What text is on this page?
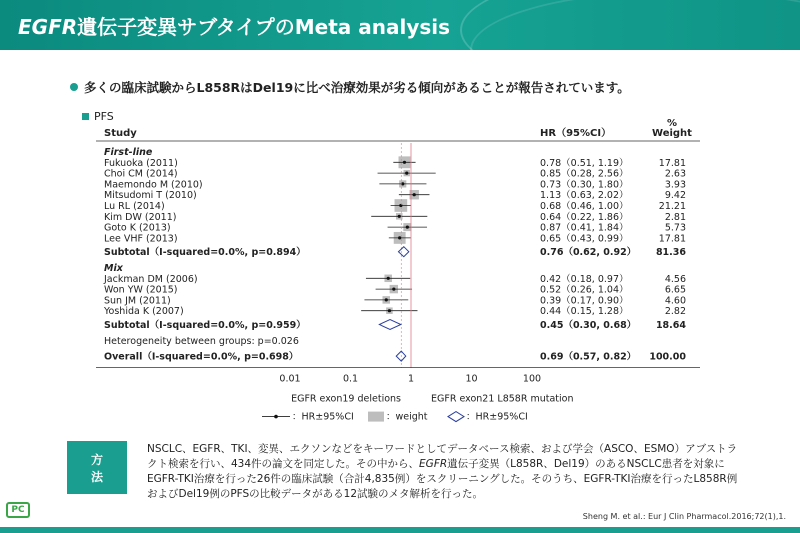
EGFR遺伝子変異サブタイプのMeta analysis
多くの臨床試験からL858RはDel19に比べ治療効果が劣る傾向があることが報告されています。
PFS
Study	HR（95%CI）
%
Weight
First-line
Fukuoka (2011)	0.78（0.51, 1.19）	17.81
Choi CM (2014)	0.85（0.28, 2.56）	2.63
Maemondo M (2010)	0.73（0.30, 1.80）	3.93
Mitsudomi T (2010)	1.13（0.63, 2.02）	9.42
Lu RL (2014)	0.68（0.46, 1.00）	21.21
Kim DW (2011)	0.64（0.22, 1.86）	2.81
Goto K (2013)	0.87（0.41, 1.84）	5.73
Lee VHF (2013)	0.65（0.43, 0.99）	17.81
Subtotal（I-squared=0.0%, p=0.894）	0.76（0.62, 0.92） 81.36
Mix
Jackman DM (2006)	0.42（0.18, 0.97）	4.56
Won YW (2015)	0.52（0.26, 1.04）	6.65
Sun JM (2011)	0.39（0.17, 0.90）	4.60
Yoshida K (2007)	0.44（0.15, 1.28）	2.82
Subtotal（I-squared=0.0%, p=0.959）	0.45（0.30, 0.68） 18.64
Heterogeneity between groups: p=0.026
Overall（I-squared=0.0%, p=0.698）	0.69（0.57, 0.82） 100.00
0.01	0.1	1	10	100
EGFR exon19 deletions	EGFR exon21 L858R mutation
：HR±95%CI	：weight	：HR±95%CI
方法
NSCLC、EGFR、TKI、変異、エクソンなどをキーワードとしてデータベース検索、および学会（ASCO、ESMO）アブストラクト検索を行い、434件の論文を同定した。その中から、EGFR遺伝子変異（L858R、Del19）のあるNSCLC患者を対象にEGFR-TKI治療を行った26件の臨床試験（合計4,835例）をスクリーニングした。そのうち、EGFR-TKI治療を行ったL858R例およびDel19例のPFSの比較データがある12試験のメタ解析を行った。
PC
Sheng M. et al.: Eur J Clin Pharmacol.2016;72(1),1.
